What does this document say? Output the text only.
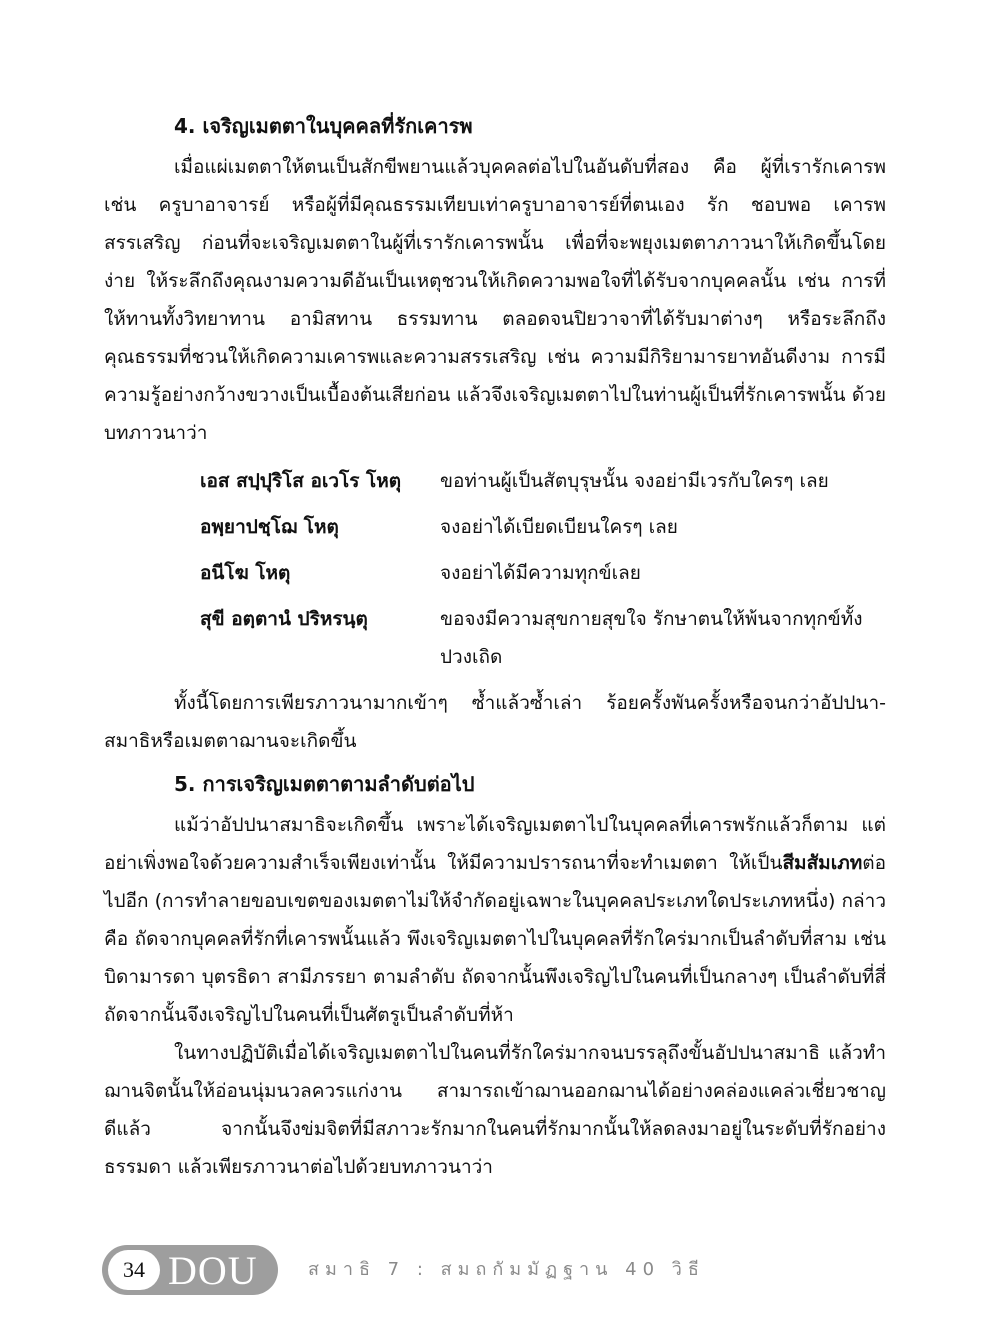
4. เจริญเมตตาในบุคคลที่รักเคารพ

เมื่อแผ่เมตตาให้ตนเป็นสักขีพยานแล้วบุคคลต่อไปในอันดับที่สอง คือ ผู้ที่เรารักเคารพ เช่น ครูบาอาจารย์ หรือผู้ที่มีคุณธรรมเทียบเท่าครูบาอาจารย์ที่ตนเอง รัก ชอบพอ เคารพ สรรเสริญ ก่อนที่จะเจริญเมตตาในผู้ที่เรารักเคารพนั้น เพื่อที่จะพยุงเมตตาภาวนาให้เกิดขึ้นโดยง่าย ให้ระลึกถึงคุณงามความดีอันเป็นเหตุชวนให้เกิดความพอใจที่ได้รับจากบุคคลนั้น เช่น การที่ให้ทานทั้งวิทยาทาน อามิสทาน ธรรมทาน ตลอดจนปิยวาจาที่ได้รับมาต่างๆ หรือระลึกถึงคุณธรรมที่ชวนให้เกิดความเคารพและความสรรเสริญ เช่น ความมีกิริยามารยาทอันดีงาม การมีความรู้อย่างกว้างขวางเป็นเบื้องต้นเสียก่อน แล้วจึงเจริญเมตตาไปในท่านผู้เป็นที่รักเคารพนั้น ด้วยบทภาวนาว่า

เอส สปฺปุริโส อเวโร โหตุ	ขอท่านผู้เป็นสัตบุรุษนั้น จงอย่ามีเวรกับใครๆ เลย
อพฺยาปชฺโฌ โหตุ	จงอย่าได้เบียดเบียนใครๆ เลย
อนีโฆ โหตุ	จงอย่าได้มีความทุกข์เลย
สุขี อตฺตานํ ปริหรนฺตุ	ขอจงมีความสุขกายสุขใจ รักษาตนให้พ้นจากทุกข์ทั้งปวงเถิด

ทั้งนี้โดยการเพียรภาวนามากเข้าๆ ซ้ำแล้วซ้ำเล่า ร้อยครั้งพันครั้งหรือจนกว่าอัปปนา-สมาธิหรือเมตตาฌานจะเกิดขึ้น

5. การเจริญเมตตาตามลำดับต่อไป

แม้ว่าอัปปนาสมาธิจะเกิดขึ้น เพราะได้เจริญเมตตาไปในบุคคลที่เคารพรักแล้วก็ตาม แต่อย่าเพิ่งพอใจด้วยความสำเร็จเพียงเท่านั้น ให้มีความปรารถนาที่จะทำเมตตา ให้เป็นสีมสัมเภทต่อไปอีก (การทำลายขอบเขตของเมตตาไม่ให้จำกัดอยู่เฉพาะในบุคคลประเภทใดประเภทหนึ่ง) กล่าวคือ ถัดจากบุคคลที่รักที่เคารพนั้นแล้ว พึงเจริญเมตตาไปในบุคคลที่รักใคร่มากเป็นลำดับที่สาม เช่น บิดามารดา บุตรธิดา สามีภรรยา ตามลำดับ ถัดจากนั้นพึงเจริญไปในคนที่เป็นกลางๆ เป็นลำดับที่สี่ ถัดจากนั้นจึงเจริญไปในคนที่เป็นศัตรูเป็นลำดับที่ห้า

ในทางปฏิบัติเมื่อได้เจริญเมตตาไปในคนที่รักใคร่มากจนบรรลุถึงขั้นอัปปนาสมาธิ แล้วทำฌานจิตนั้นให้อ่อนนุ่มนวลควรแก่งาน สามารถเข้าฌานออกฌานได้อย่างคล่องแคล่วเชี่ยวชาญดีแล้ว จากนั้นจึงข่มจิตที่มีสภาวะรักมากในคนที่รักมากนั้นให้ลดลงมาอยู่ในระดับที่รักอย่างธรรมดา แล้วเพียรภาวนาต่อไปด้วยบทภาวนาว่า

34 DOU	สมาธิ 7 : สมถกัมมัฏฐาน 40 วิธี
